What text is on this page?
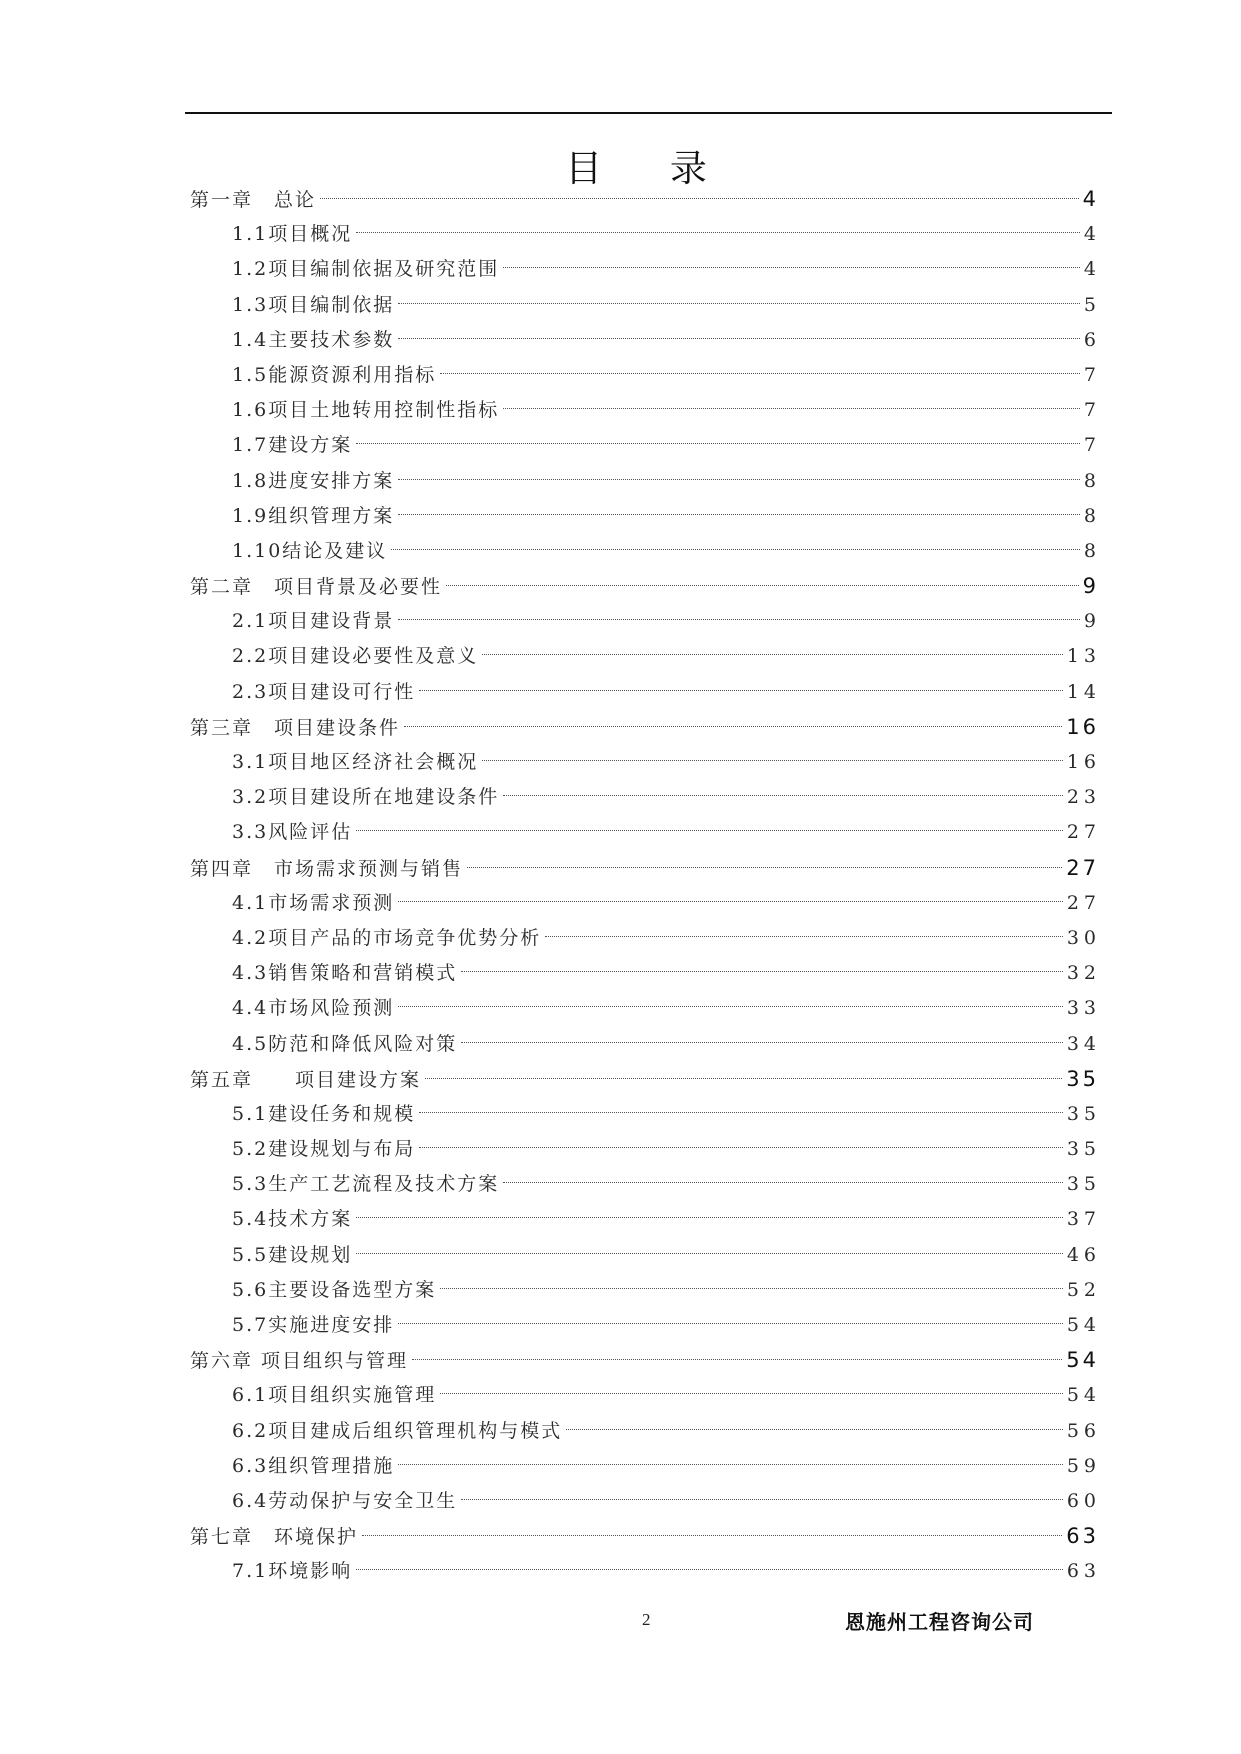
目 录
第一章　总论	4
1.1项目概况	4
1.2项目编制依据及研究范围	4
1.3项目编制依据	5
1.4主要技术参数	6
1.5能源资源利用指标	7
1.6项目土地转用控制性指标	7
1.7建设方案	7
1.8进度安排方案	8
1.9组织管理方案	8
1.10结论及建议	8
第二章　项目背景及必要性	9
2.1项目建设背景	9
2.2项目建设必要性及意义	13
2.3项目建设可行性	14
第三章　项目建设条件	16
3.1项目地区经济社会概况	16
3.2项目建设所在地建设条件	23
3.3风险评估	27
第四章　市场需求预测与销售	27
4.1市场需求预测	27
4.2项目产品的市场竞争优势分析	30
4.3销售策略和营销模式	32
4.4市场风险预测	33
4.5防范和降低风险对策	34
第五章　　项目建设方案	35
5.1建设任务和规模	35
5.2建设规划与布局	35
5.3生产工艺流程及技术方案	35
5.4技术方案	37
5.5建设规划	46
5.6主要设备选型方案	52
5.7实施进度安排	54
第六章 项目组织与管理	54
6.1项目组织实施管理	54
6.2项目建成后组织管理机构与模式	56
6.3组织管理措施	59
6.4劳动保护与安全卫生	60
第七章　环境保护	63
7.1环境影响	63
2	恩施州工程咨询公司
